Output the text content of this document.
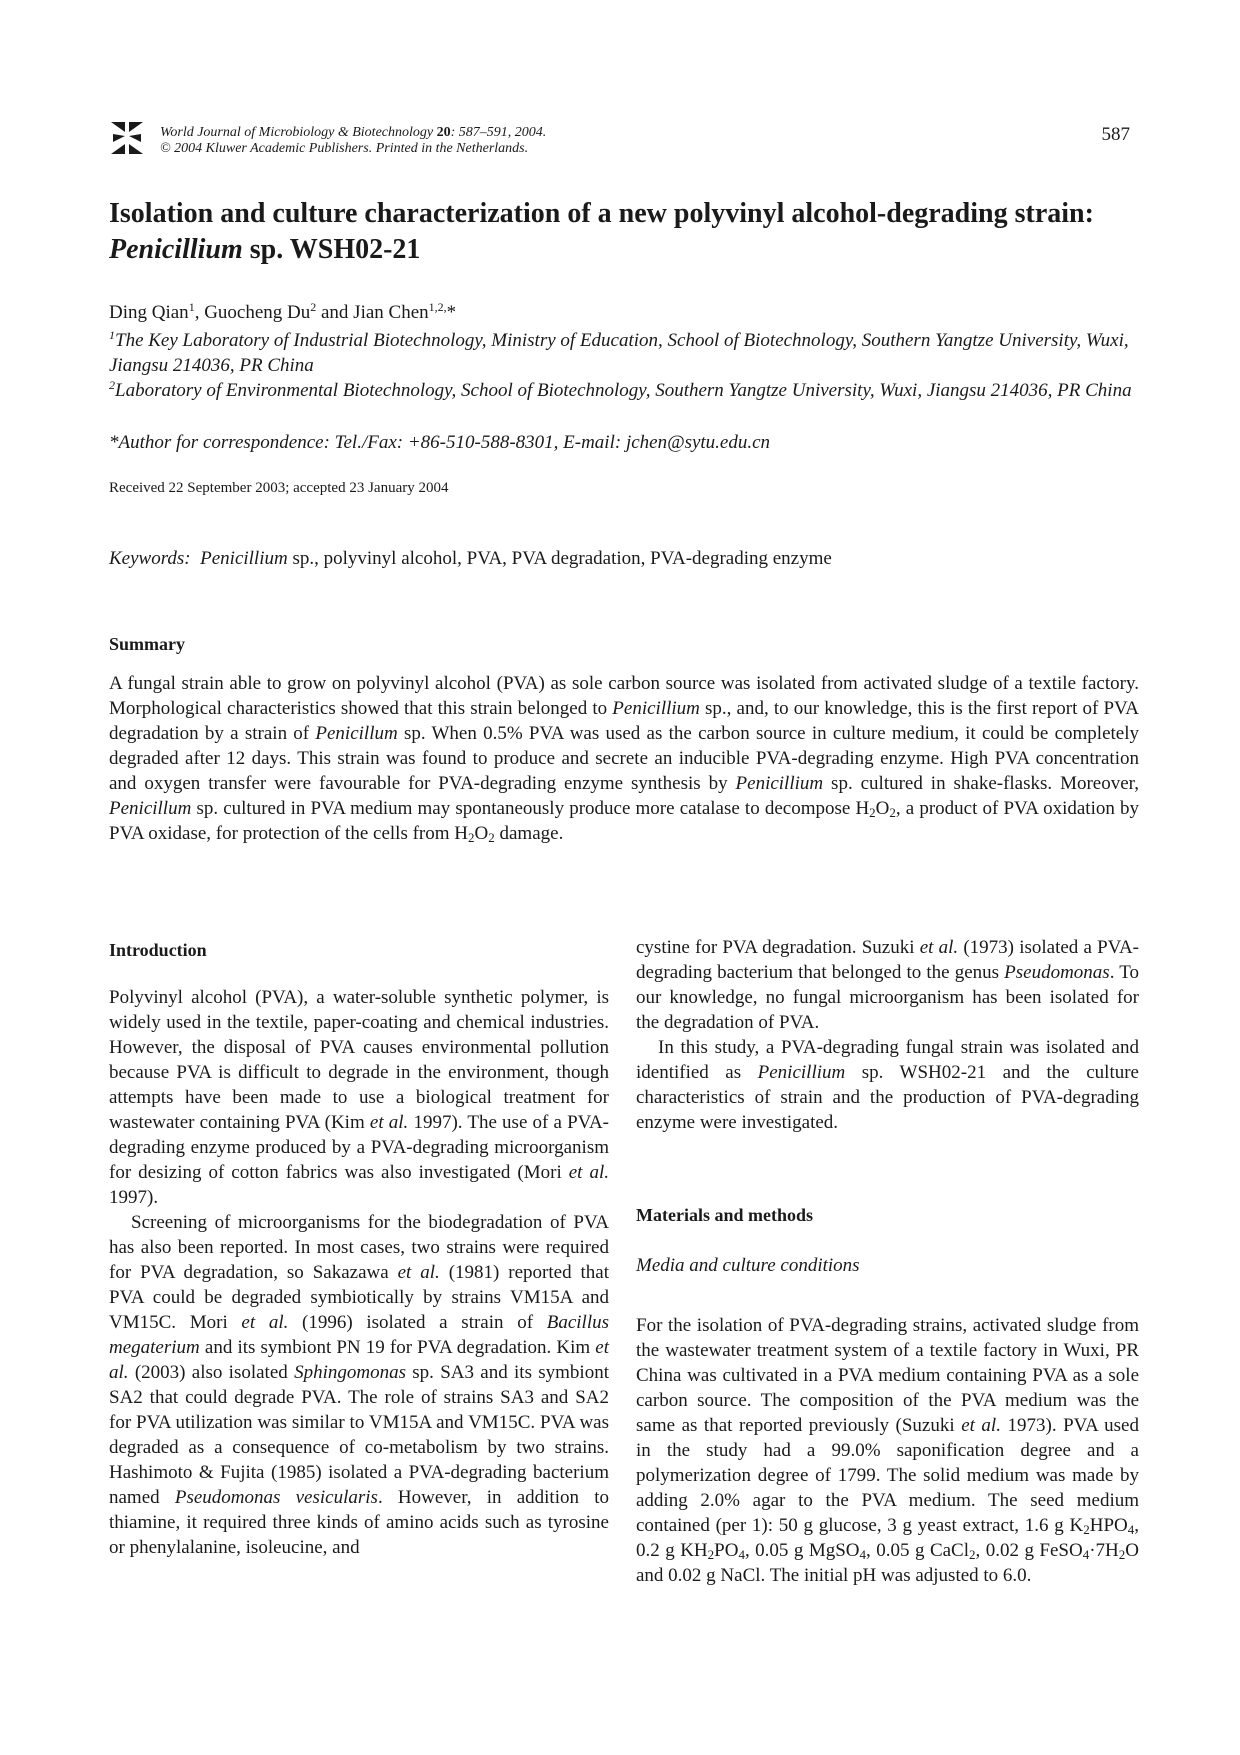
World Journal of Microbiology & Biotechnology 20: 587–591, 2004.
© 2004 Kluwer Academic Publishers. Printed in the Netherlands.
587
Isolation and culture characterization of a new polyvinyl alcohol-degrading strain:
Penicillium sp. WSH02-21
Ding Qian$^1$, Guocheng Du$^2$ and Jian Chen$^{1,2,}$*
$^1$The Key Laboratory of Industrial Biotechnology, Ministry of Education, School of Biotechnology, Southern Yangtze University, Wuxi, Jiangsu 214036, PR China
$^2$Laboratory of Environmental Biotechnology, School of Biotechnology, Southern Yangtze University, Wuxi, Jiangsu 214036, PR China
*Author for correspondence: Tel./Fax: +86-510-588-8301, E-mail: jchen@sytu.edu.cn
Received 22 September 2003; accepted 23 January 2004
Keywords: Penicillium sp., polyvinyl alcohol, PVA, PVA degradation, PVA-degrading enzyme
Summary
A fungal strain able to grow on polyvinyl alcohol (PVA) as sole carbon source was isolated from activated sludge of a textile factory. Morphological characteristics showed that this strain belonged to Penicillium sp., and, to our knowledge, this is the first report of PVA degradation by a strain of Penicillum sp. When 0.5% PVA was used as the carbon source in culture medium, it could be completely degraded after 12 days. This strain was found to produce and secrete an inducible PVA-degrading enzyme. High PVA concentration and oxygen transfer were favourable for PVA-degrading enzyme synthesis by Penicillium sp. cultured in shake-flasks. Moreover, Penicillum sp. cultured in PVA medium may spontaneously produce more catalase to decompose $H_2O_2$, a product of PVA oxidation by PVA oxidase, for protection of the cells from $H_2O_2$ damage.
Introduction

Polyvinyl alcohol (PVA), a water-soluble synthetic polymer, is widely used in the textile, paper-coating and chemical industries. However, the disposal of PVA causes environmental pollution because PVA is difficult to degrade in the environment, though attempts have been made to use a biological treatment for wastewater containing PVA (Kim et al. 1997). The use of a PVA-degrading enzyme produced by a PVA-degrading microorganism for desizing of cotton fabrics was also investigated (Mori et al. 1997).

Screening of microorganisms for the biodegradation of PVA has also been reported. In most cases, two strains were required for PVA degradation, so Sakazawa et al. (1981) reported that PVA could be degraded symbiotically by strains VM15A and VM15C. Mori et al. (1996) isolated a strain of Bacillus megaterium and its symbiont PN 19 for PVA degradation. Kim et al. (2003) also isolated Sphingomonas sp. SA3 and its symbiont SA2 that could degrade PVA. The role of strains SA3 and SA2 for PVA utilization was similar to VM15A and VM15C. PVA was degraded as a consequence of co-metabolism by two strains. Hashimoto & Fujita (1985) isolated a PVA-degrading bacterium named Pseudomonas vesicularis. However, in addition to thiamine, it required three kinds of amino acids such as tyrosine or phenylalanine, isoleucine, and

cystine for PVA degradation. Suzuki et al. (1973) isolated a PVA-degrading bacterium that belonged to the genus Pseudomonas. To our knowledge, no fungal microorganism has been isolated for the degradation of PVA.

In this study, a PVA-degrading fungal strain was isolated and identified as Penicillium sp. WSH02-21 and the culture characteristics of strain and the production of PVA-degrading enzyme were investigated.

Materials and methods
Media and culture conditions
For the isolation of PVA-degrading strains, activated sludge from the wastewater treatment system of a textile factory in Wuxi, PR China was cultivated in a PVA medium containing PVA as a sole carbon source. The composition of the PVA medium was the same as that reported previously (Suzuki et al. 1973). PVA used in the study had a 99.0% saponification degree and a polymerization degree of 1799. The solid medium was made by adding 2.0% agar to the PVA medium. The seed medium contained (per 1): 50 g glucose, 3 g yeast extract, 1.6 g $K_2HPO_4$, 0.2 g $KH_2PO_4$, 0.05 g MgSO$_4$, 0.05 g CaCl$_2$, 0.02 g $FeSO_4\cdot 7H_2O$ and 0.02 g NaCl. The initial pH was adjusted to 6.0.
